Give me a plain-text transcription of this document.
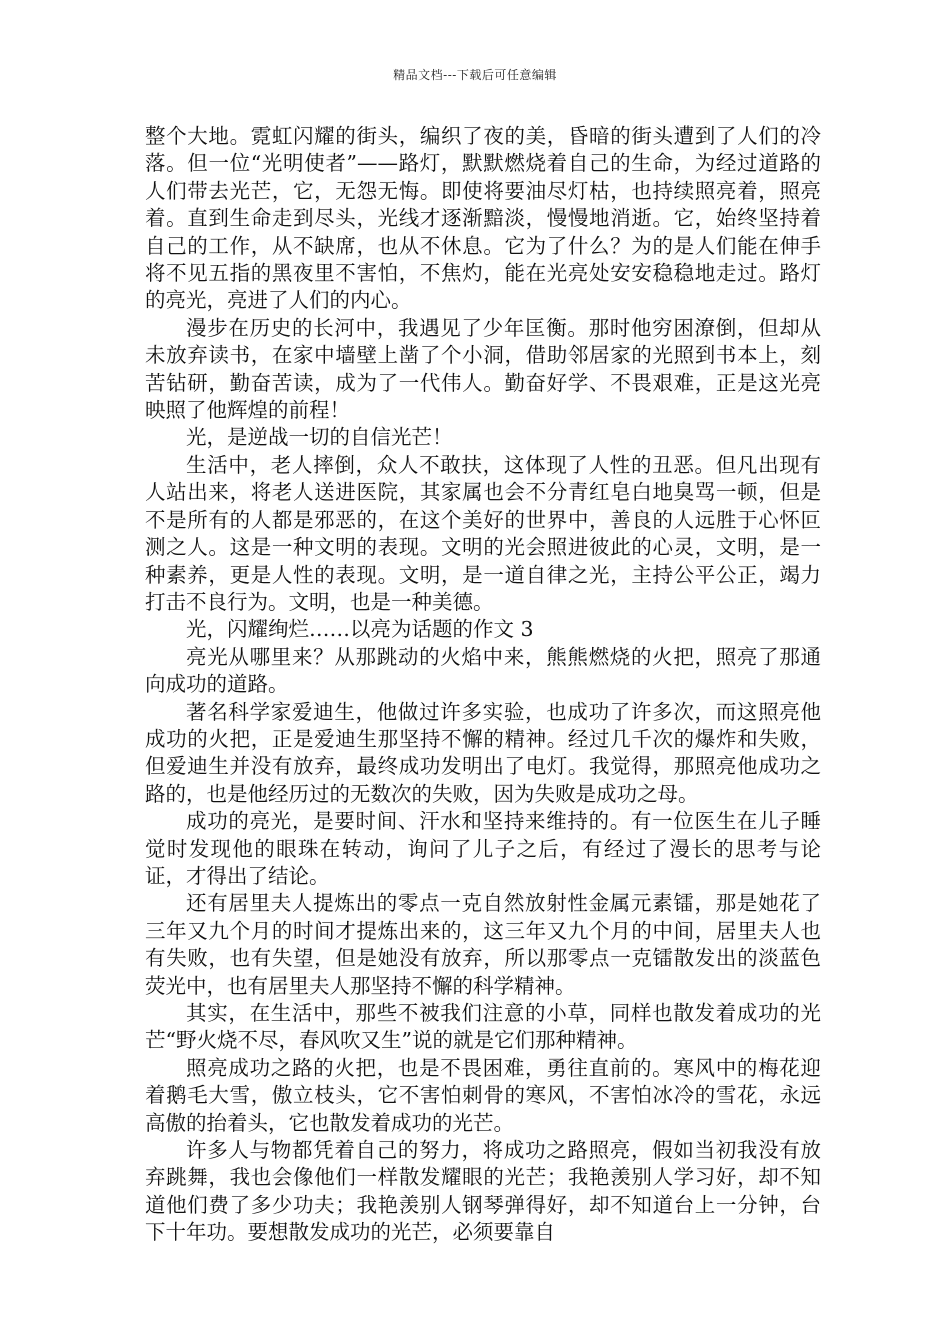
精品文档---下载后可任意编辑

整个大地。霓虹闪耀的街头，编织了夜的美，昏暗的街头遭到了人们的冷落。但一位“光明使者”——路灯，默默燃烧着自己的生命，为经过道路的人们带去光芒，它，无怨无悔。即使将要油尽灯枯，也持续照亮着，照亮着。直到生命走到尽头，光线才逐渐黯淡，慢慢地消逝。它，始终坚持着自己的工作，从不缺席，也从不休息。它为了什么？为的是人们能在伸手将不见五指的黑夜里不害怕，不焦灼，能在光亮处安安稳稳地走过。路灯的亮光，亮进了人们的内心。

漫步在历史的长河中，我遇见了少年匡衡。那时他穷困潦倒，但却从未放弃读书，在家中墙壁上凿了个小洞，借助邻居家的光照到书本上，刻苦钻研，勤奋苦读，成为了一代伟人。勤奋好学、不畏艰难，正是这光亮映照了他辉煌的前程！

光，是逆战一切的自信光芒！

生活中，老人摔倒，众人不敢扶，这体现了人性的丑恶。但凡出现有人站出来，将老人送进医院，其家属也会不分青红皂白地臭骂一顿，但是不是所有的人都是邪恶的，在这个美好的世界中，善良的人远胜于心怀叵测之人。这是一种文明的表现。文明的光会照进彼此的心灵，文明，是一种素养，更是人性的表现。文明，是一道自律之光，主持公平公正，竭力打击不良行为。文明，也是一种美德。

光，闪耀绚烂……以亮为话题的作文 3

亮光从哪里来？从那跳动的火焰中来，熊熊燃烧的火把，照亮了那通向成功的道路。

著名科学家爱迪生，他做过许多实验，也成功了许多次，而这照亮他成功的火把，正是爱迪生那坚持不懈的精神。经过几千次的爆炸和失败，但爱迪生并没有放弃，最终成功发明出了电灯。我觉得，那照亮他成功之路的，也是他经历过的无数次的失败，因为失败是成功之母。

成功的亮光，是要时间、汗水和坚持来维持的。有一位医生在儿子睡觉时发现他的眼珠在转动，询问了儿子之后，有经过了漫长的思考与论证，才得出了结论。

还有居里夫人提炼出的零点一克自然放射性金属元素镭，那是她花了三年又九个月的时间才提炼出来的，这三年又九个月的中间，居里夫人也有失败，也有失望，但是她没有放弃，所以那零点一克镭散发出的淡蓝色荧光中，也有居里夫人那坚持不懈的科学精神。

其实，在生活中，那些不被我们注意的小草，同样也散发着成功的光芒“野火烧不尽，春风吹又生”说的就是它们那种精神。

照亮成功之路的火把，也是不畏困难，勇往直前的。寒风中的梅花迎着鹅毛大雪，傲立枝头，它不害怕刺骨的寒风，不害怕冰冷的雪花，永远高傲的抬着头，它也散发着成功的光芒。

许多人与物都凭着自己的努力，将成功之路照亮，假如当初我没有放弃跳舞，我也会像他们一样散发耀眼的光芒；我艳羡别人学习好，却不知道他们费了多少功夫；我艳羡别人钢琴弹得好，却不知道台上一分钟，台下十年功。要想散发成功的光芒，必须要靠自
